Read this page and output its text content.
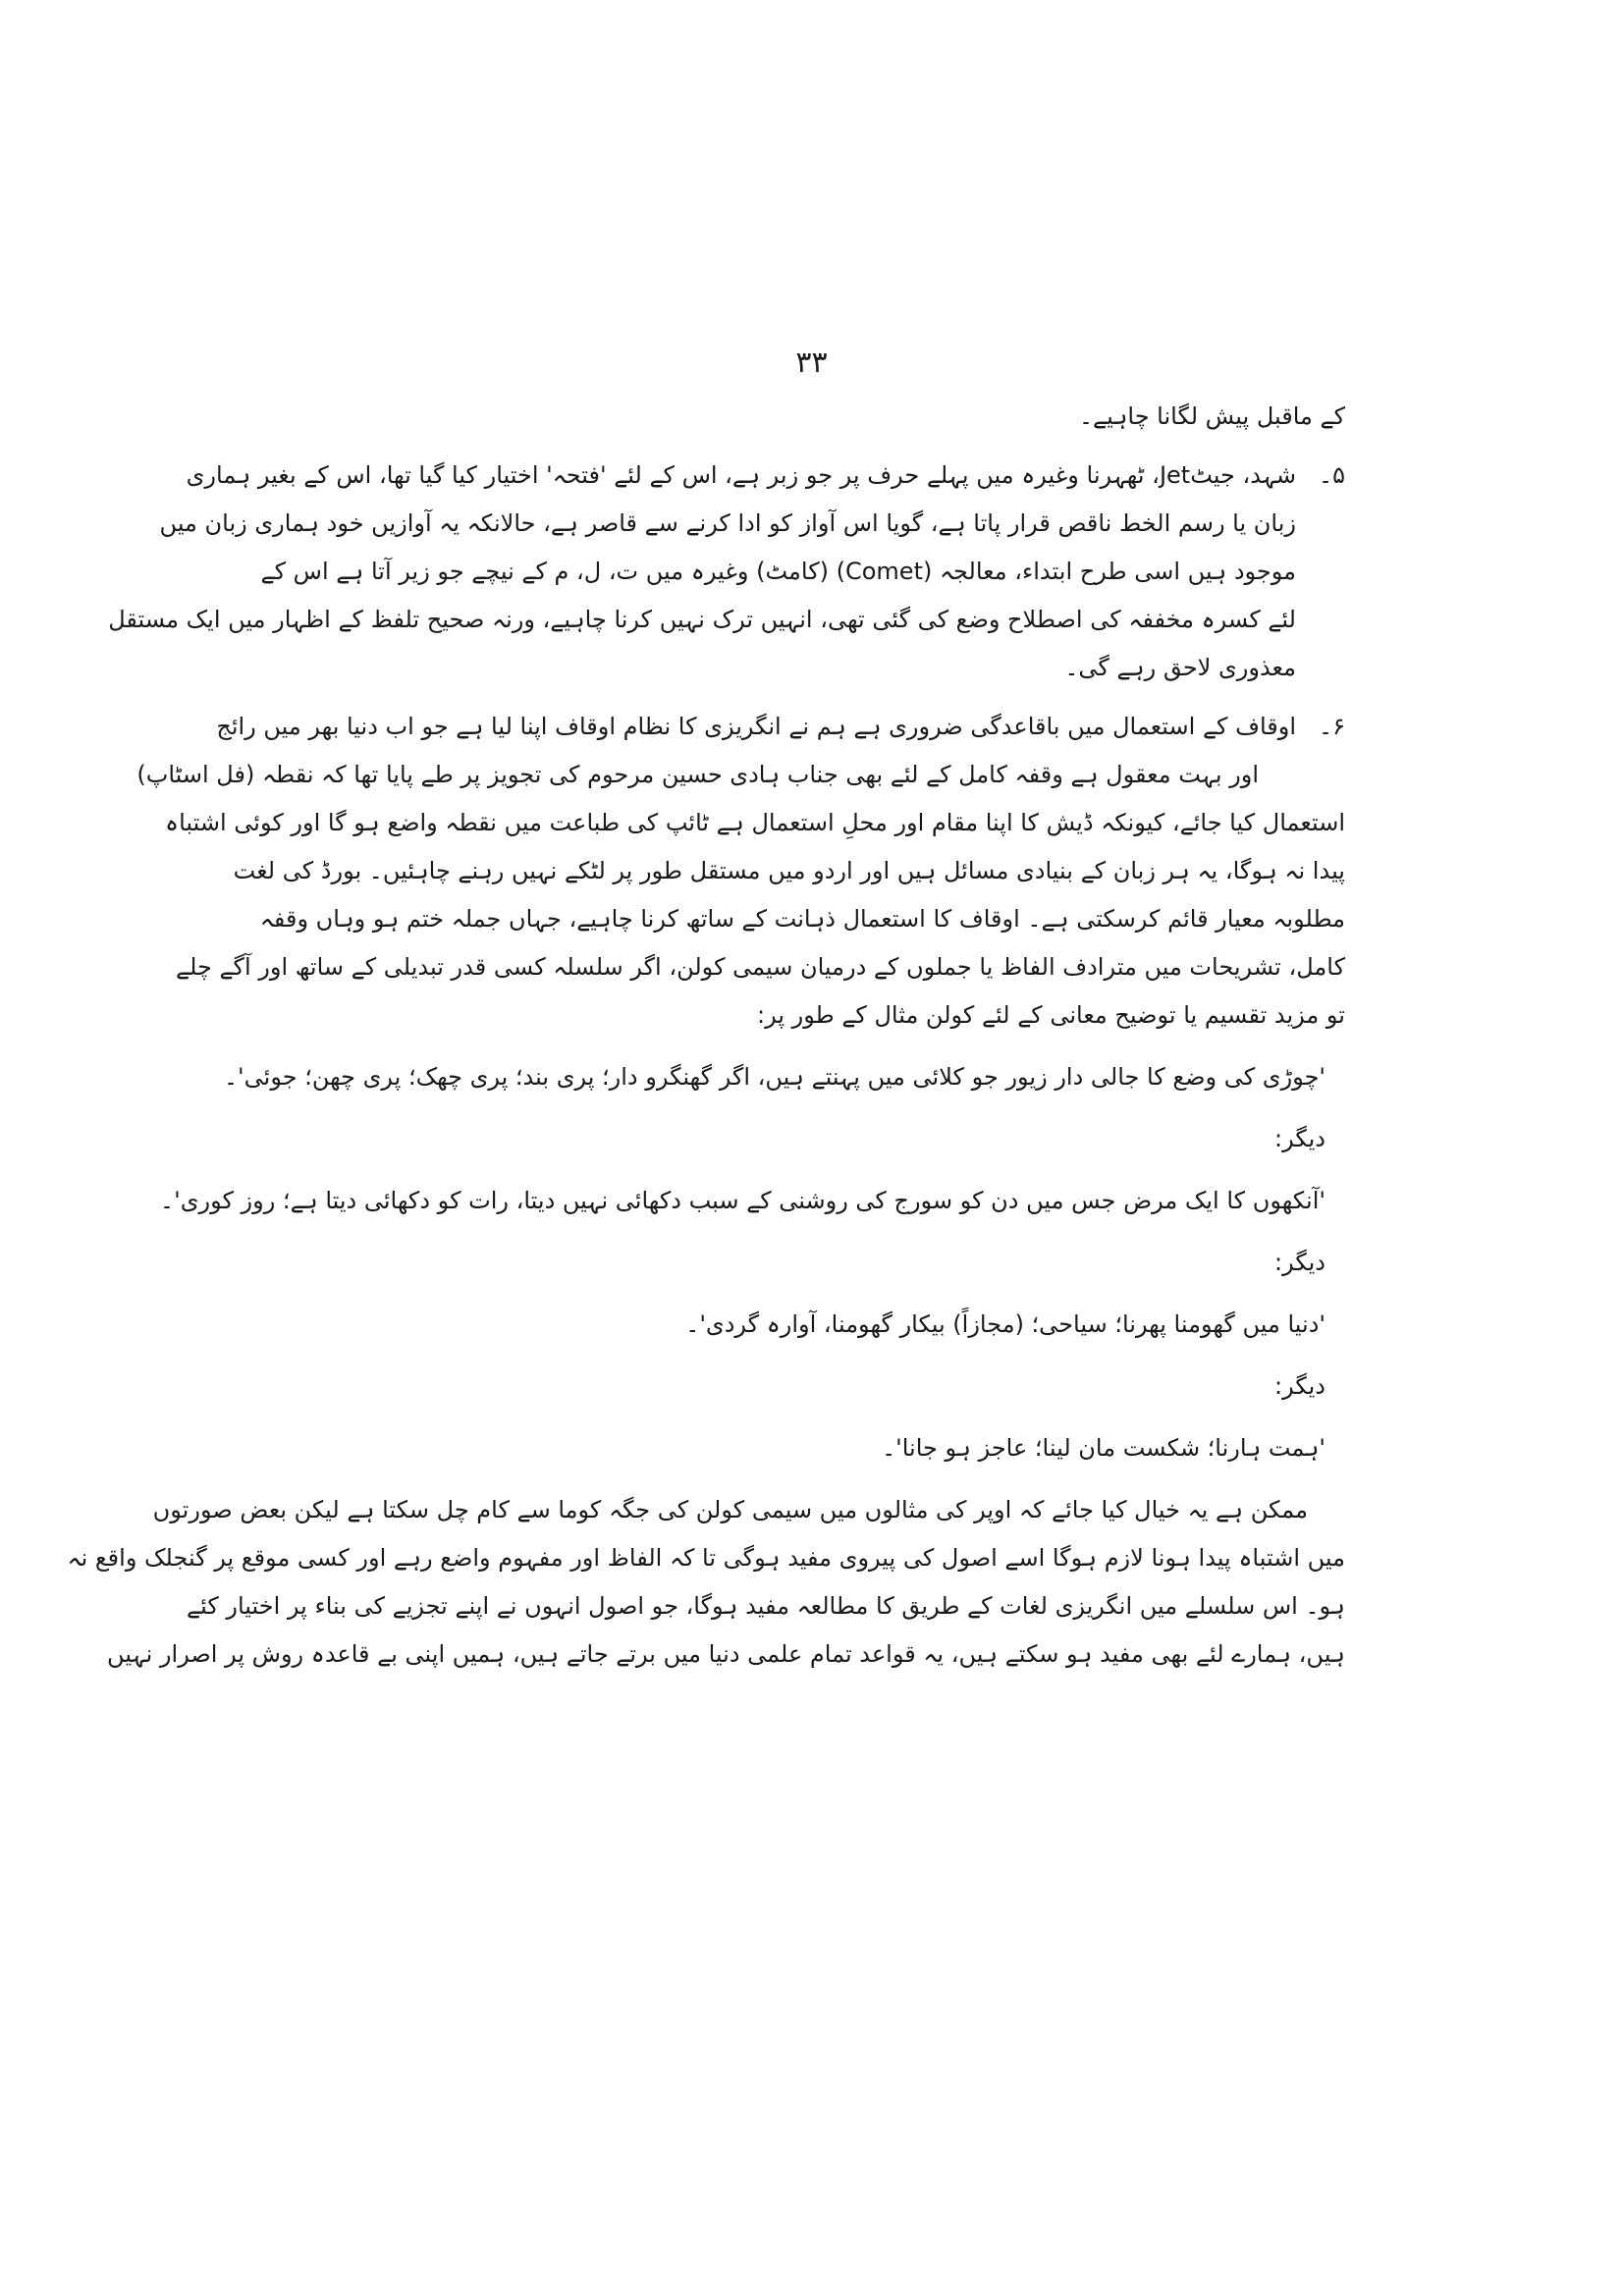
۳۳
کے ماقبل پیش لگانا چاہیے۔
۵۔
شہد، جیٹJet، ٹھہرنا وغیرہ میں پہلے حرف پر جو زبر ہے، اس کے لئے 'فتحہ' اختیار کیا گیا تھا، اس کے بغیر ہماری
زبان یا رسم الخط ناقص قرار پاتا ہے، گویا اس آواز کو ادا کرنے سے قاصر ہے، حالانکہ یہ آوازیں خود ہماری زبان میں
موجود ہیں اسی طرح ابتداء، معالجہ (Comet) (کامٹ) وغیرہ میں ت، ل، م کے نیچے جو زیر آتا ہے اس کے
لئے کسرہ مخففہ کی اصطلاح وضع کی گئی تھی، انہیں ترک نہیں کرنا چاہیے، ورنہ صحیح تلفظ کے اظہار میں ایک مستقل
معذوری لاحق رہے گی۔
۶۔
اوقاف کے استعمال میں باقاعدگی ضروری ہے ہم نے انگریزی کا نظام اوقاف اپنا لیا ہے جو اب دنیا بھر میں رائج
اور بہت معقول ہے وقفہ کامل کے لئے بھی جناب ہادی حسین مرحوم کی تجویز پر طے پایا تھا کہ نقطہ (فل اسٹاپ)
استعمال کیا جائے، کیونکہ ڈیش کا اپنا مقام اور محلِ استعمال ہے ٹائپ کی طباعت میں نقطہ واضع ہو گا اور کوئی اشتباہ
پیدا نہ ہوگا، یہ ہر زبان کے بنیادی مسائل ہیں اور اردو میں مستقل طور پر لٹکے نہیں رہنے چاہئیں۔ بورڈ کی لغت
مطلوبہ معیار قائم کرسکتی ہے۔ اوقاف کا استعمال ذہانت کے ساتھ کرنا چاہیے، جہاں جملہ ختم ہو وہاں وقفہ
کامل، تشریحات میں مترادف الفاظ یا جملوں کے درمیان سیمی کولن، اگر سلسلہ کسی قدر تبدیلی کے ساتھ اور آگے چلے
تو مزید تقسیم یا توضیح معانی کے لئے کولن مثال کے طور پر:
'چوڑی کی وضع کا جالی دار زیور جو کلائی میں پہنتے ہیں، اگر گھنگرو دار؛ پری بند؛ پری چھک؛ پری چھن؛ جوئی'۔
دیگر:
'آنکھوں کا ایک مرض جس میں دن کو سورج کی روشنی کے سبب دکھائی نہیں دیتا، رات کو دکھائی دیتا ہے؛ روز کوری'۔
دیگر:
'دنیا میں گھومنا پھرنا؛ سیاحی؛ (مجازاً) بیکار گھومنا، آوارہ گردی'۔
دیگر:
'ہمت ہارنا؛ شکست مان لینا؛ عاجز ہو جانا'۔
ممکن ہے یہ خیال کیا جائے کہ اوپر کی مثالوں میں سیمی کولن کی جگہ کوما سے کام چل سکتا ہے لیکن بعض صورتوں
میں اشتباہ پیدا ہونا لازم ہوگا اسے اصول کی پیروی مفید ہوگی تا کہ الفاظ اور مفہوم واضع رہے اور کسی موقع پر گنجلک واقع نہ
ہو۔ اس سلسلے میں انگریزی لغات کے طریق کا مطالعہ مفید ہوگا، جو اصول انہوں نے اپنے تجزیے کی بناء پر اختیار کئے
ہیں، ہمارے لئے بھی مفید ہو سکتے ہیں، یہ قواعد تمام علمی دنیا میں برتے جاتے ہیں، ہمیں اپنی بے قاعدہ روش پر اصرار نہیں
